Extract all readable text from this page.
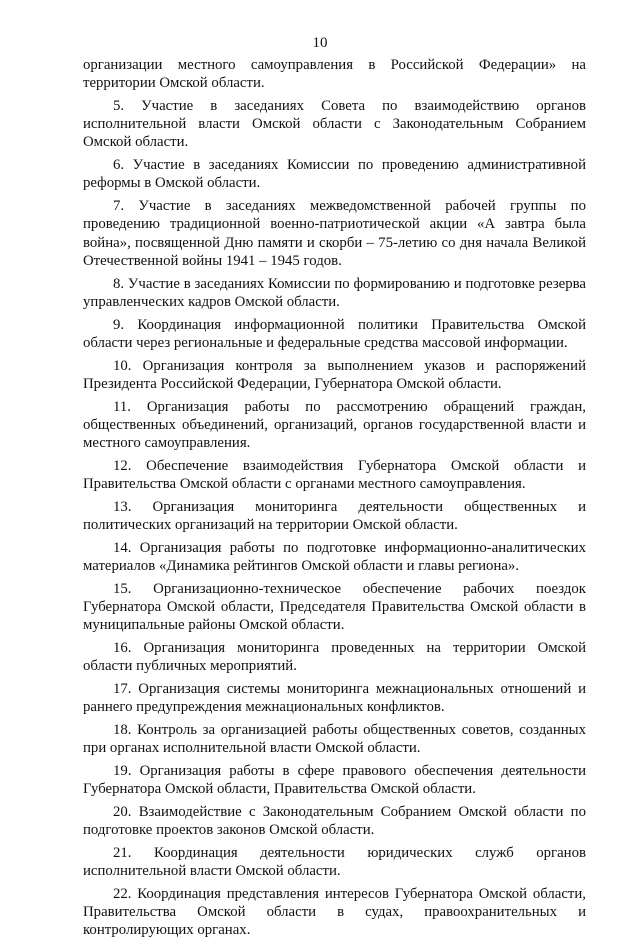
10

организации местного самоуправления в Российской Федерации» на территории Омской области.

5. Участие в заседаниях Совета по взаимодействию органов исполнительной власти Омской области с Законодательным Собранием Омской области.

6. Участие в заседаниях Комиссии по проведению административной реформы в Омской области.

7. Участие в заседаниях межведомственной рабочей группы по проведению традиционной военно-патриотической акции «А завтра была война», посвященной Дню памяти и скорби – 75-летию со дня начала Великой Отечественной войны 1941 – 1945 годов.

8. Участие в заседаниях Комиссии по формированию и подготовке резерва управленческих кадров Омской области.

9. Координация информационной политики Правительства Омской области через региональные и федеральные средства массовой информации.

10. Организация контроля за выполнением указов и распоряжений Президента Российской Федерации, Губернатора Омской области.

11. Организация работы по рассмотрению обращений граждан, общественных объединений, организаций, органов государственной власти и местного самоуправления.

12. Обеспечение взаимодействия Губернатора Омской области и Правительства Омской области с органами местного самоуправления.

13. Организация мониторинга деятельности общественных и политических организаций на территории Омской области.

14. Организация работы по подготовке информационно-аналитических материалов «Динамика рейтингов Омской области и главы региона».

15. Организационно-техническое обеспечение рабочих поездок Губернатора Омской области, Председателя Правительства Омской области в муниципальные районы Омской области.

16. Организация мониторинга проведенных на территории Омской области публичных мероприятий.

17. Организация системы мониторинга межнациональных отношений и раннего предупреждения межнациональных конфликтов.

18. Контроль за организацией работы общественных советов, созданных при органах исполнительной власти Омской области.

19. Организация работы в сфере правового обеспечения деятельности Губернатора Омской области, Правительства Омской области.

20. Взаимодействие с Законодательным Собранием Омской области по подготовке проектов законов Омской области.

21. Координация деятельности юридических служб органов исполнительной власти Омской области.

22. Координация представления интересов Губернатора Омской области, Правительства Омской области в судах, правоохранительных и контролирующих органах.
